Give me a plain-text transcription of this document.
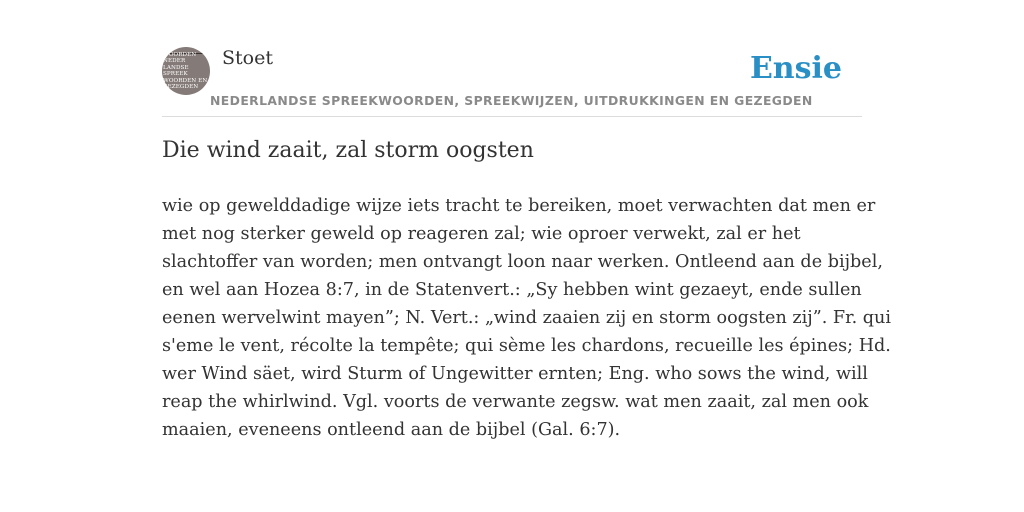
WOORDEN
NEDER
LANDSE
SPREEK
WOORDEN EN
GEZEGDEN
Stoet	Ensie
NEDERLANDSE SPREEKWOORDEN, SPREEKWIJZEN, UITDRUKKINGEN EN GEZEGDEN
Die wind zaait, zal storm oogsten

wie op gewelddadige wijze iets tracht te bereiken, moet verwachten dat men er
met nog sterker geweld op reageren zal; wie oproer verwekt, zal er het
slachtoffer van worden; men ontvangt loon naar werken. Ontleend aan de bijbel,
en wel aan Hozea 8:7, in de Statenvert.: „Sy hebben wint gezaeyt, ende sullen
eenen wervelwint mayen”; N. Vert.: „wind zaaien zij en storm oogsten zij”. Fr. qui
s'eme le vent, récolte la tempête; qui sème les chardons, recueille les épines; Hd.
wer Wind säet, wird Sturm of Ungewitter ernten; Eng. who sows the wind, will
reap the whirlwind. Vgl. voorts de verwante zegsw. wat men zaait, zal men ook
maaien, eveneens ontleend aan de bijbel (Gal. 6:7).
